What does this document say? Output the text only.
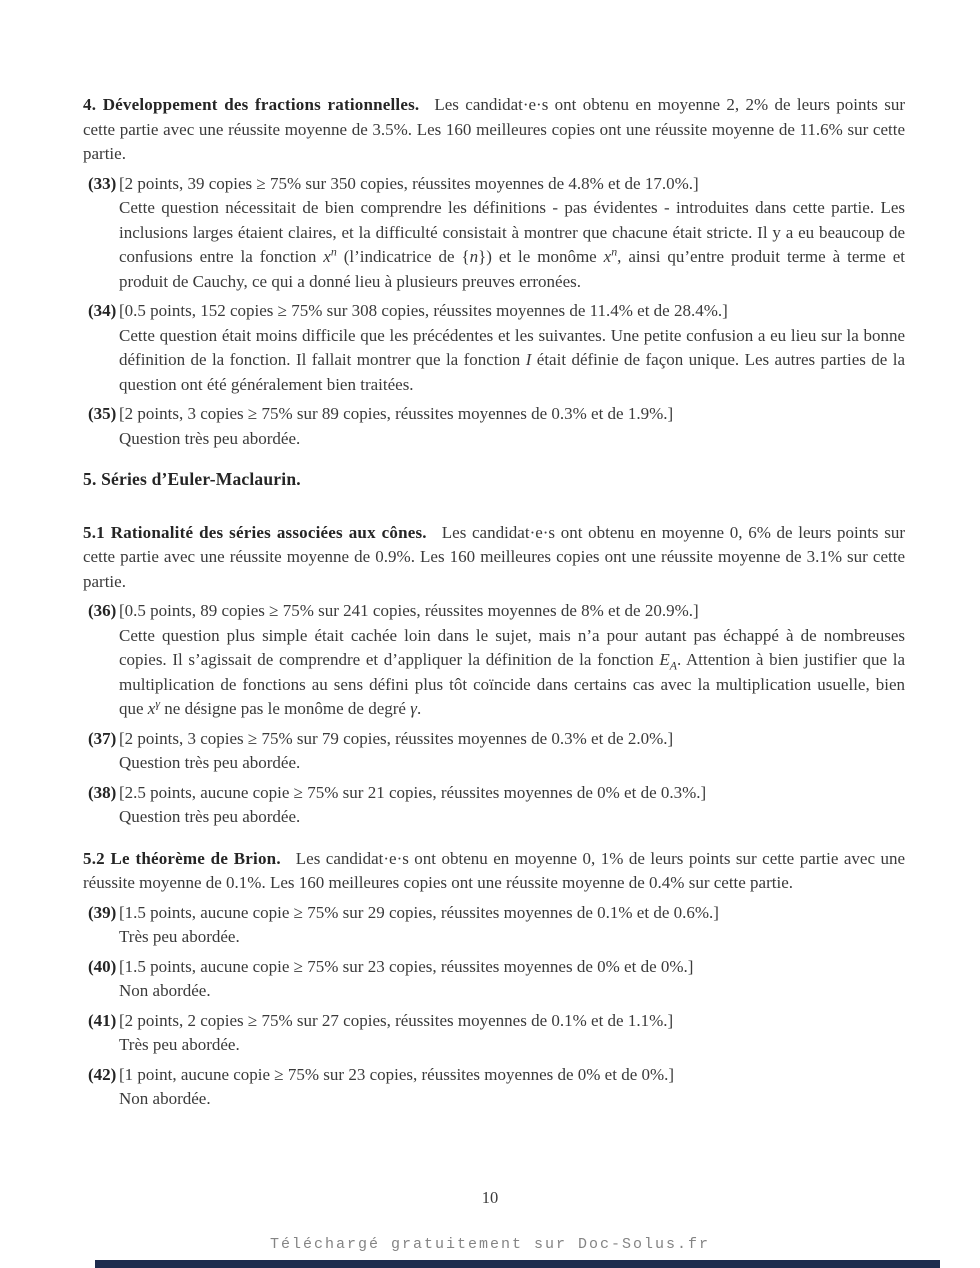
4. Développement des fractions rationnelles. Les candidat·e·s ont obtenu en moyenne 2, 2% de leurs points sur cette partie avec une réussite moyenne de 3.5%. Les 160 meilleures copies ont une réussite moyenne de 11.6% sur cette partie.

(33) [2 points, 39 copies ≥ 75% sur 350 copies, réussites moyennes de 4.8% et de 17.0%.]
Cette question nécessitait de bien comprendre les définitions - pas évidentes - introduites dans cette partie. Les inclusions larges étaient claires, et la difficulté consistait à montrer que chacune était stricte. Il y a eu beaucoup de confusions entre la fonction $x^n$ (l’indicatrice de {n}) et le monôme $x^n$, ainsi qu’entre produit terme à terme et produit de Cauchy, ce qui a donné lieu à plusieurs preuves erronées.
(34) [0.5 points, 152 copies ≥ 75% sur 308 copies, réussites moyennes de 11.4% et de 28.4%.]
Cette question était moins difficile que les précédentes et les suivantes. Une petite confusion a eu lieu sur la bonne définition de la fonction. Il fallait montrer que la fonction I était définie de façon unique. Les autres parties de la question ont été généralement bien traitées.
(35) [2 points, 3 copies ≥ 75% sur 89 copies, réussites moyennes de 0.3% et de 1.9%.]
Question très peu abordée.
5. Séries d’Euler-Maclaurin.

5.1 Rationalité des séries associées aux cônes. Les candidat·e·s ont obtenu en moyenne 0, 6% de leurs points sur cette partie avec une réussite moyenne de 0.9%. Les 160 meilleures copies ont une réussite moyenne de 3.1% sur cette partie.

(36) [0.5 points, 89 copies ≥ 75% sur 241 copies, réussites moyennes de 8% et de 20.9%.]
Cette question plus simple était cachée loin dans le sujet, mais n’a pour autant pas échappé à de nombreuses copies. Il s’agissait de comprendre et d’appliquer la définition de la fonction $E_A$. Attention à bien justifier que la multiplication de fonctions au sens défini plus tôt coïncide dans certains cas avec la multiplication usuelle, bien que $x^\gamma$ ne désigne pas le monôme de degré γ.
(37) [2 points, 3 copies ≥ 75% sur 79 copies, réussites moyennes de 0.3% et de 2.0%.]
Question très peu abordée.
(38) [2.5 points, aucune copie ≥ 75% sur 21 copies, réussites moyennes de 0% et de 0.3%.]
Question très peu abordée.

5.2 Le théorème de Brion. Les candidat·e·s ont obtenu en moyenne 0, 1% de leurs points sur cette partie avec une réussite moyenne de 0.1%. Les 160 meilleures copies ont une réussite moyenne de 0.4% sur cette partie.

(39) [1.5 points, aucune copie ≥ 75% sur 29 copies, réussites moyennes de 0.1% et de 0.6%.]
Très peu abordée.
(40) [1.5 points, aucune copie ≥ 75% sur 23 copies, réussites moyennes de 0% et de 0%.]
Non abordée.
(41) [2 points, 2 copies ≥ 75% sur 27 copies, réussites moyennes de 0.1% et de 1.1%.]
Très peu abordée.
(42) [1 point, aucune copie ≥ 75% sur 23 copies, réussites moyennes de 0% et de 0%.]
Non abordée.
10
Téléchargé gratuitement sur Doc-Solus.fr
